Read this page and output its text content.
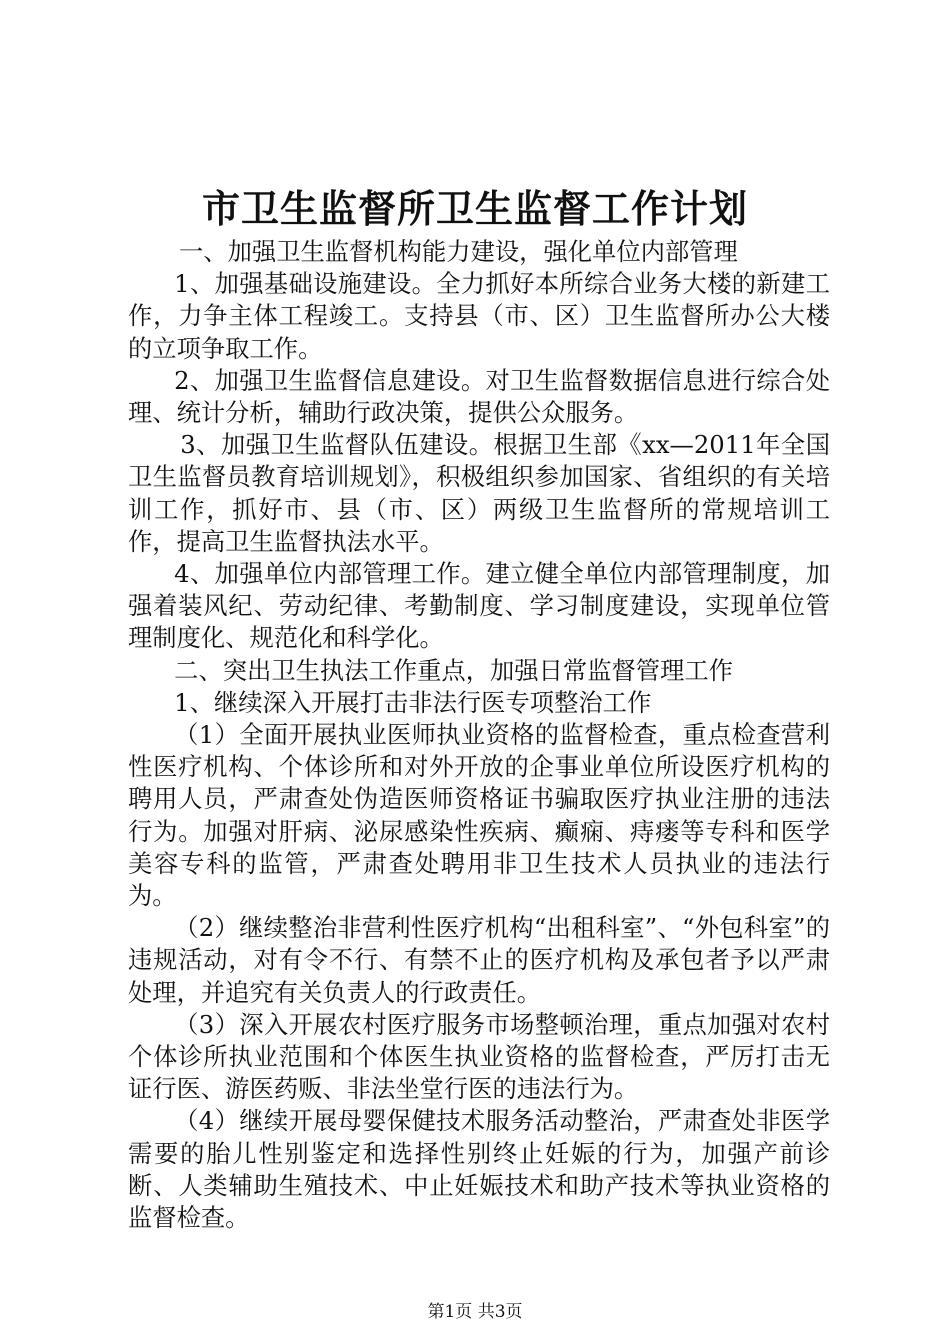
市卫生监督所卫生监督工作计划

一、加强卫生监督机构能力建设，强化单位内部管理

1、加强基础设施建设。全力抓好本所综合业务大楼的新建工作，力争主体工程竣工。支持县（市、区）卫生监督所办公大楼的立项争取工作。

2、加强卫生监督信息建设。对卫生监督数据信息进行综合处理、统计分析，辅助行政决策，提供公众服务。

3、加强卫生监督队伍建设。根据卫生部《xx—2011年全国卫生监督员教育培训规划》，积极组织参加国家、省组织的有关培训工作，抓好市、县（市、区）两级卫生监督所的常规培训工作，提高卫生监督执法水平。

4、加强单位内部管理工作。建立健全单位内部管理制度，加强着装风纪、劳动纪律、考勤制度、学习制度建设，实现单位管理制度化、规范化和科学化。

二、突出卫生执法工作重点，加强日常监督管理工作

1、继续深入开展打击非法行医专项整治工作

（1）全面开展执业医师执业资格的监督检查，重点检查营利性医疗机构、个体诊所和对外开放的企事业单位所设医疗机构的聘用人员，严肃查处伪造医师资格证书骗取医疗执业注册的违法行为。加强对肝病、泌尿感染性疾病、癫痫、痔瘘等专科和医学美容专科的监管，严肃查处聘用非卫生技术人员执业的违法行为。

（2）继续整治非营利性医疗机构“出租科室”、“外包科室”的违规活动，对有令不行、有禁不止的医疗机构及承包者予以严肃处理，并追究有关负责人的行政责任。

（3）深入开展农村医疗服务市场整顿治理，重点加强对农村个体诊所执业范围和个体医生执业资格的监督检查，严厉打击无证行医、游医药贩、非法坐堂行医的违法行为。

（4）继续开展母婴保健技术服务活动整治，严肃查处非医学需要的胎儿性别鉴定和选择性别终止妊娠的行为，加强产前诊断、人类辅助生殖技术、中止妊娠技术和助产技术等执业资格的监督检查。

第1页 共3页
